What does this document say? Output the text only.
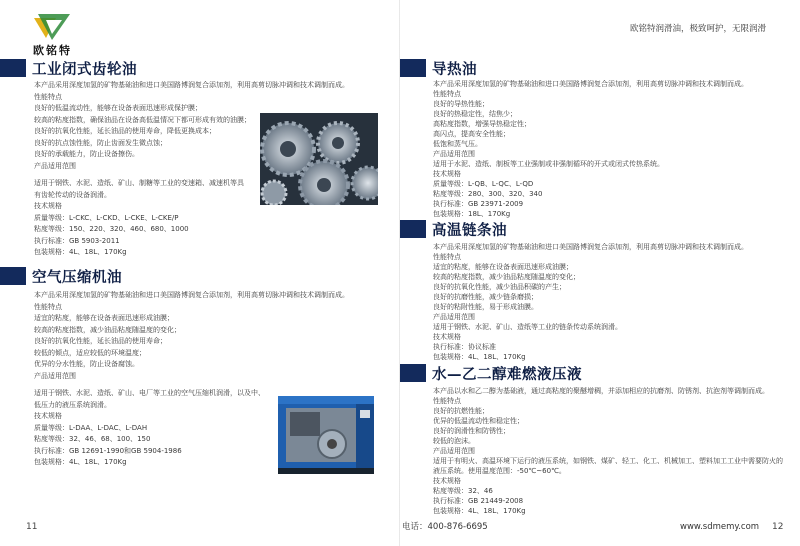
欧铭特
工业闭式齿轮油
本产品采用深度加氢的矿物基础油和进口美国路博润复合添加剂，利用高剪切脉冲调和技术调制而成。
性能特点
良好的低温流动性，能够在设备表面迅速形成保护膜；
较高的粘度指数，确保油品在设备高低温情况下都可形成有效的油膜；
良好的抗氧化性能，延长油品的使用寿命，降低更换成本；
良好的抗点蚀性能，防止齿面发生微点蚀；
良好的承载能力，防止设备擦伤。
产品适用范围
适用于钢铁、水泥、造纸、矿山、制糖等工业的变速箱、减速机等具有齿轮传动的设备润滑。
技术规格
质量等级：L-CKC、L-CKD、L-CKE、L-CKE/P
粘度等级：150、220、320、460、680、1000
执行标准：GB 5903-2011
包装规格：4L、18L、170Kg
空气压缩机油
本产品采用深度加氢的矿物基础油和进口美国路博润复合添加剂，利用高剪切脉冲调和技术调制而成。
性能特点
适宜的粘度，能够在设备表面迅速形成油膜；
较高的粘度指数，减少油品粘度随温度的变化；
良好的抗氧化性能，延长油品的使用寿命；
较低的倾点，适应较低的环境温度；
优异的分水性能，防止设备腐蚀。
产品适用范围
适用于钢铁、水泥、造纸、矿山、电厂等工业的空气压缩机润滑，以及中、低压力的液压系统润滑。
技术规格
质量等级：L-DAA、L-DAC、L-DAH
粘度等级：32、46、68、100、150
执行标准：GB 12691-1990和GB 5904-1986
包装规格：4L、18L、170Kg
11
欧铭特润滑油，极致呵护，无限润滑
导热油
本产品采用深度加氢的矿物基础油和进口美国路博润复合添加剂，利用高剪切脉冲调和技术调制而成。
性能特点
良好的导热性能；
良好的热稳定性，结焦少；
高粘度指数，增强导热稳定性；
高闪点，提高安全性能；
低饱和蒸气压。
产品适用范围
适用于水泥、造纸、制板等工业强制或非强制循环的开式或闭式传热系统。
技术规格
质量等级：L-QB、L-QC、L-QD
粘度等级：280、300、320、340
执行标准：GB 23971-2009
包装规格：18L、170Kg
高温链条油
本产品采用深度加氢的矿物基础油和进口美国路博润复合添加剂，利用高剪切脉冲调和技术调制而成。
性能特点
适宜的粘度，能够在设备表面迅速形成油膜；
较高的粘度指数，减少油品粘度随温度的变化；
良好的抗氧化性能，减少油品积碳的产生；
良好的抗磨性能，减少链条磨损；
良好的粘附性能，易于形成油膜。
产品适用范围
适用于钢铁、水泥、矿山、造纸等工业的链条传动系统润滑。
技术规格
执行标准：协议标准
包装规格：4L、18L、170Kg
水—乙二醇难燃液压液
本产品以水和乙二醇为基础液，通过高粘度的聚醚增稠，并添加相应的抗磨剂、防锈剂、抗泡剂等调制而成。
性能特点
良好的抗燃性能；
优异的低温流动性和稳定性；
良好的润滑性和防锈性；
较低的泡沫。
产品适用范围
适用于有明火、高温环境下运行的液压系统，如钢铁、煤矿、轻工、化工、机械加工、塑料加工工业中需要防火的液压系统。使用温度范围：-50℃~60℃。
技术规格
粘度等级：32、46
执行标准：GB 21449-2008
包装规格：4L、18L、170Kg
电话：400-876-6695	www.sdmemy.com 12
